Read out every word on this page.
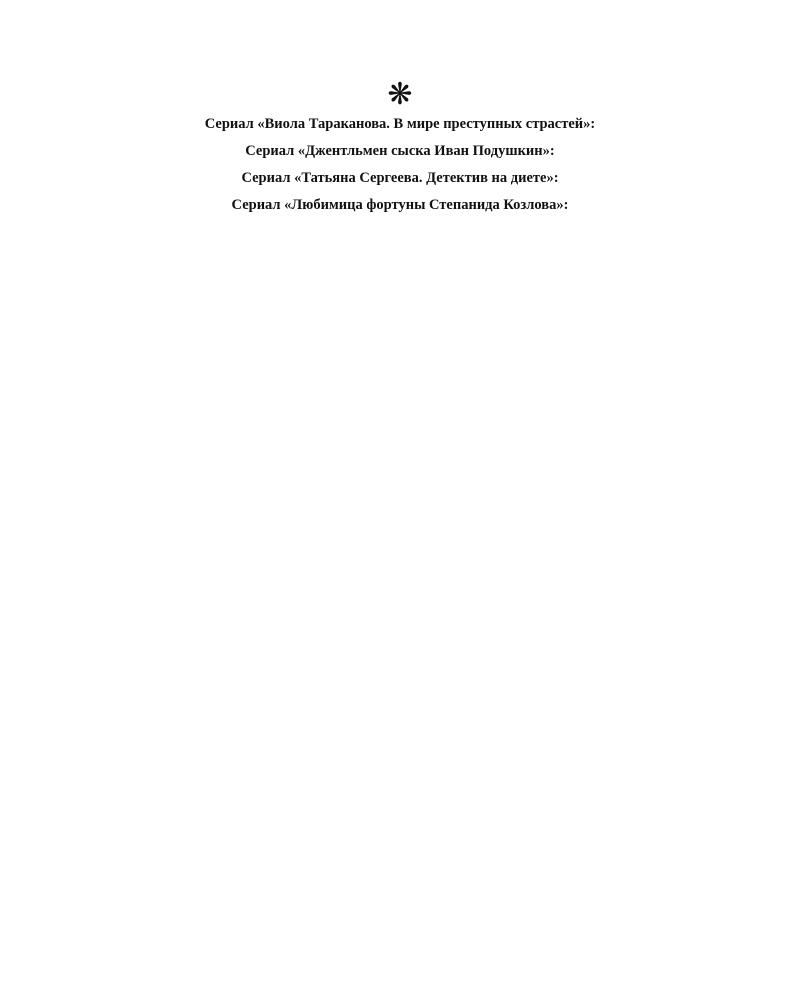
❋
Сериал «Виола Тараканова. В мире преступных страстей»:
Сериал «Джентльмен сыска Иван Подушкин»:
Сериал «Татьяна Сергеева. Детектив на диете»:
Сериал «Любимица фортуны Степанида Козлова»:
